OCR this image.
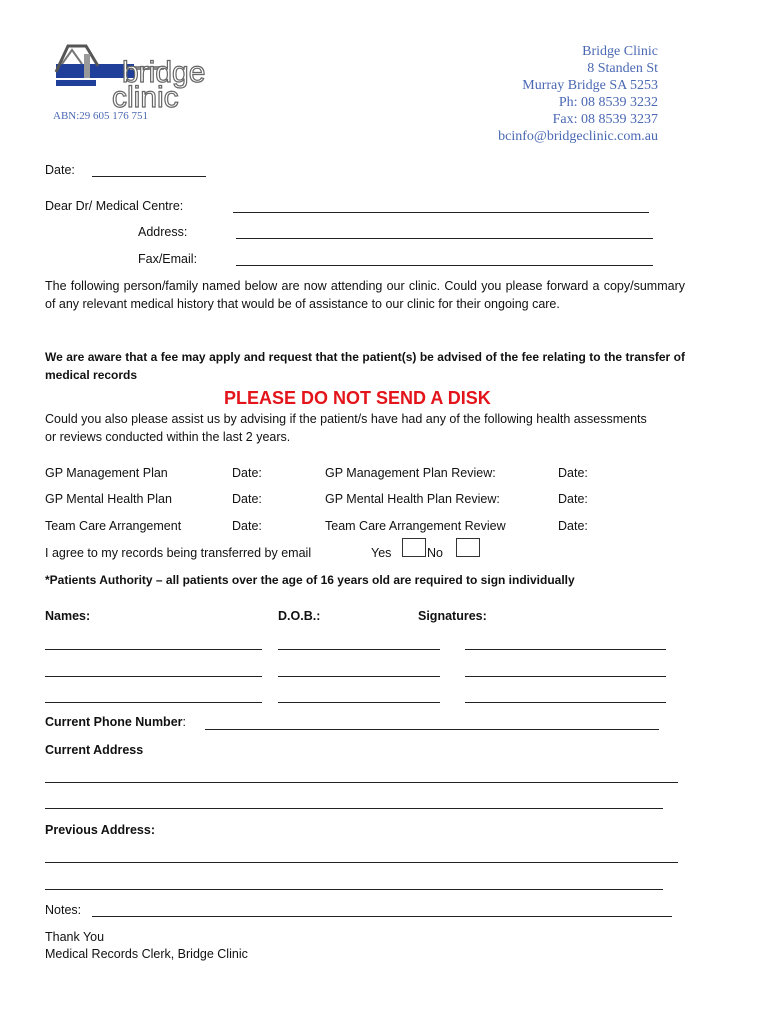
bridge
clinic
ABN:29 605 176 751
Bridge Clinic
8 Standen St
Murray Bridge SA 5253
Ph: 08 8539 3232
Fax: 08 8539 3237
bcinfo@bridgeclinic.com.au
Date:
Dear Dr/ Medical Centre:
Address:
Fax/Email:
The following person/family named below are now attending our clinic. Could you please forward a copy/summary of any relevant medical history that would be of assistance to our clinic for their ongoing care.
We are aware that a fee may apply and request that the patient(s) be advised of the fee relating to the transfer of medical records
PLEASE DO NOT SEND A DISK
Could you also please assist us by advising if the patient/s have had any of the following health assessments or reviews conducted within the last 2 years.
GP Management Plan	Date:	GP Management Plan Review:	Date:
GP Mental Health Plan	Date:	GP Mental Health Plan Review:	Date:
Team Care Arrangement	Date:	Team Care Arrangement Review	Date:
I agree to my records being transferred by email	Yes	No
*Patients Authority – all patients over the age of 16 years old are required to sign individually
Names:	D.O.B.:	Signatures:
Current Phone Number:
Current Address
Previous Address:
Notes:
Thank You
Medical Records Clerk, Bridge Clinic
